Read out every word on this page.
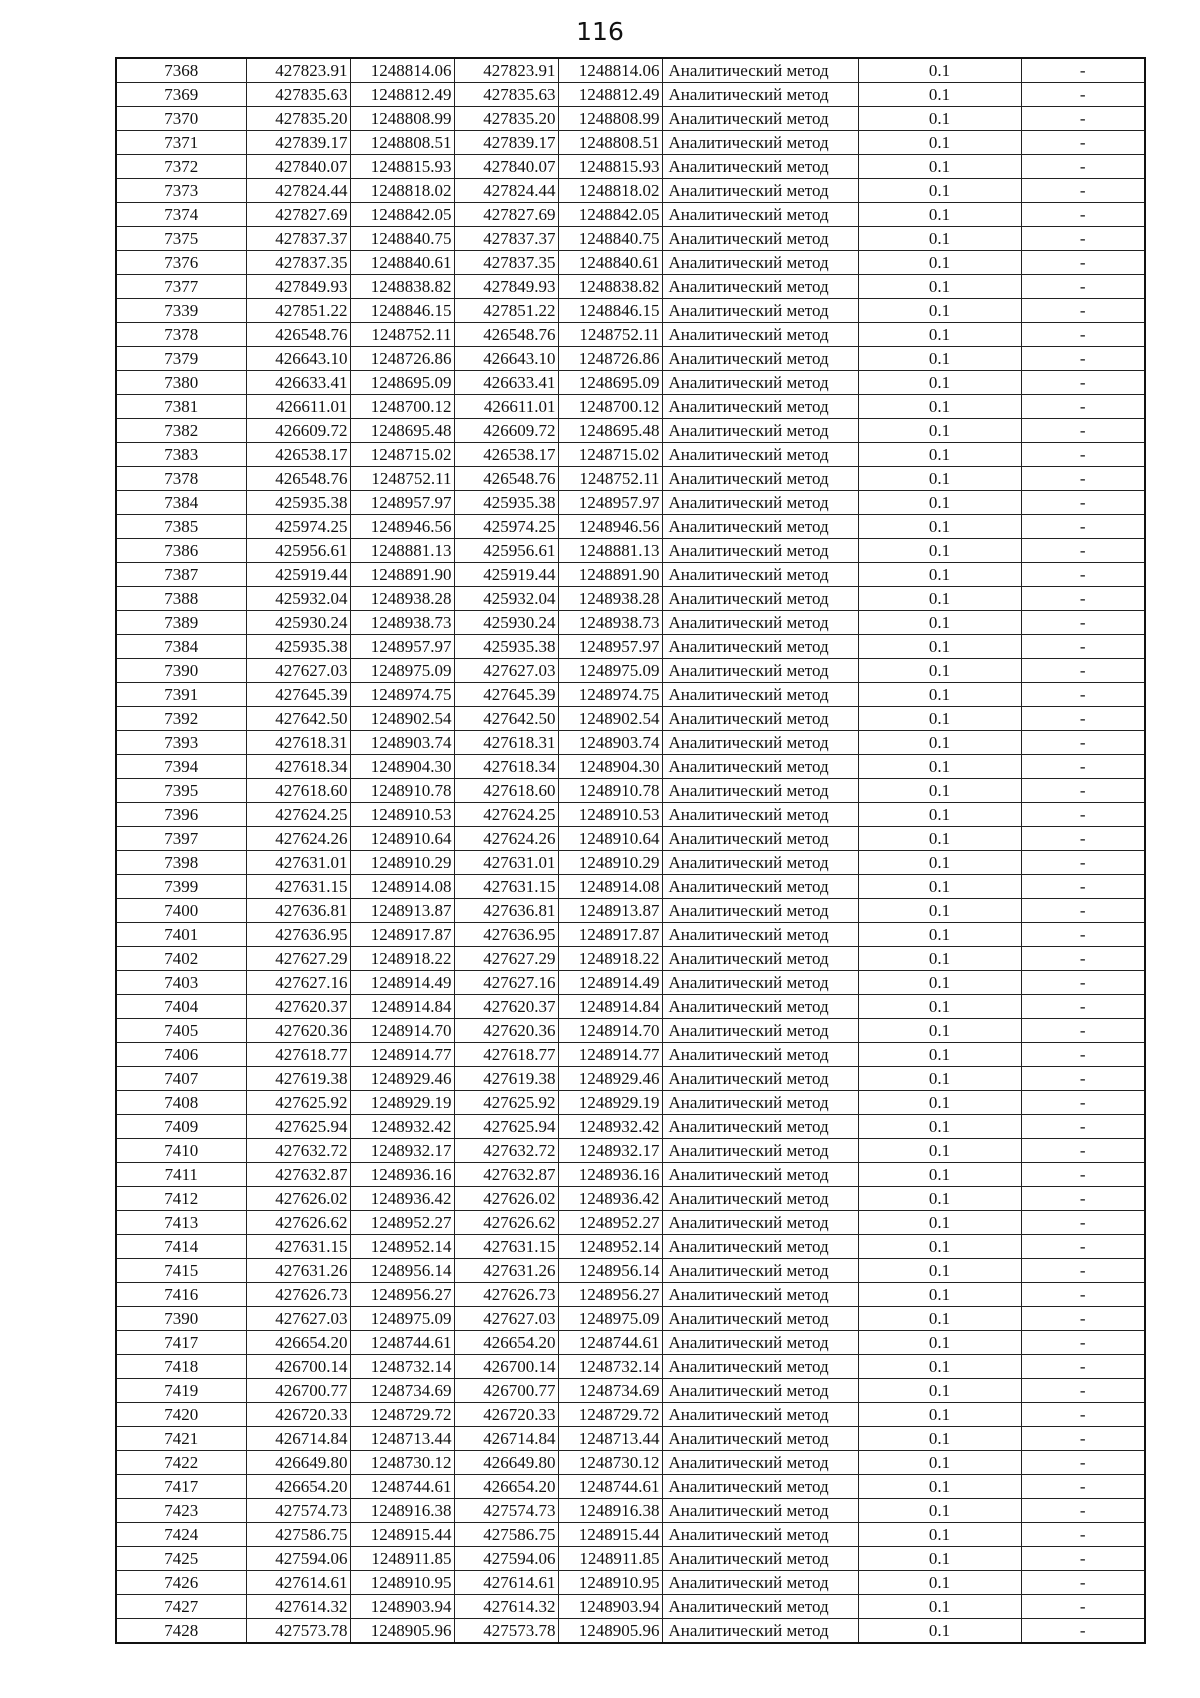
116
7368	427823.91	1248814.06	427823.91	1248814.06	Аналитический метод	0.1	-
7369	427835.63	1248812.49	427835.63	1248812.49	Аналитический метод	0.1	-
7370	427835.20	1248808.99	427835.20	1248808.99	Аналитический метод	0.1	-
7371	427839.17	1248808.51	427839.17	1248808.51	Аналитический метод	0.1	-
7372	427840.07	1248815.93	427840.07	1248815.93	Аналитический метод	0.1	-
7373	427824.44	1248818.02	427824.44	1248818.02	Аналитический метод	0.1	-
7374	427827.69	1248842.05	427827.69	1248842.05	Аналитический метод	0.1	-
7375	427837.37	1248840.75	427837.37	1248840.75	Аналитический метод	0.1	-
7376	427837.35	1248840.61	427837.35	1248840.61	Аналитический метод	0.1	-
7377	427849.93	1248838.82	427849.93	1248838.82	Аналитический метод	0.1	-
7339	427851.22	1248846.15	427851.22	1248846.15	Аналитический метод	0.1	-
7378	426548.76	1248752.11	426548.76	1248752.11	Аналитический метод	0.1	-
7379	426643.10	1248726.86	426643.10	1248726.86	Аналитический метод	0.1	-
7380	426633.41	1248695.09	426633.41	1248695.09	Аналитический метод	0.1	-
7381	426611.01	1248700.12	426611.01	1248700.12	Аналитический метод	0.1	-
7382	426609.72	1248695.48	426609.72	1248695.48	Аналитический метод	0.1	-
7383	426538.17	1248715.02	426538.17	1248715.02	Аналитический метод	0.1	-
7378	426548.76	1248752.11	426548.76	1248752.11	Аналитический метод	0.1	-
7384	425935.38	1248957.97	425935.38	1248957.97	Аналитический метод	0.1	-
7385	425974.25	1248946.56	425974.25	1248946.56	Аналитический метод	0.1	-
7386	425956.61	1248881.13	425956.61	1248881.13	Аналитический метод	0.1	-
7387	425919.44	1248891.90	425919.44	1248891.90	Аналитический метод	0.1	-
7388	425932.04	1248938.28	425932.04	1248938.28	Аналитический метод	0.1	-
7389	425930.24	1248938.73	425930.24	1248938.73	Аналитический метод	0.1	-
7384	425935.38	1248957.97	425935.38	1248957.97	Аналитический метод	0.1	-
7390	427627.03	1248975.09	427627.03	1248975.09	Аналитический метод	0.1	-
7391	427645.39	1248974.75	427645.39	1248974.75	Аналитический метод	0.1	-
7392	427642.50	1248902.54	427642.50	1248902.54	Аналитический метод	0.1	-
7393	427618.31	1248903.74	427618.31	1248903.74	Аналитический метод	0.1	-
7394	427618.34	1248904.30	427618.34	1248904.30	Аналитический метод	0.1	-
7395	427618.60	1248910.78	427618.60	1248910.78	Аналитический метод	0.1	-
7396	427624.25	1248910.53	427624.25	1248910.53	Аналитический метод	0.1	-
7397	427624.26	1248910.64	427624.26	1248910.64	Аналитический метод	0.1	-
7398	427631.01	1248910.29	427631.01	1248910.29	Аналитический метод	0.1	-
7399	427631.15	1248914.08	427631.15	1248914.08	Аналитический метод	0.1	-
7400	427636.81	1248913.87	427636.81	1248913.87	Аналитический метод	0.1	-
7401	427636.95	1248917.87	427636.95	1248917.87	Аналитический метод	0.1	-
7402	427627.29	1248918.22	427627.29	1248918.22	Аналитический метод	0.1	-
7403	427627.16	1248914.49	427627.16	1248914.49	Аналитический метод	0.1	-
7404	427620.37	1248914.84	427620.37	1248914.84	Аналитический метод	0.1	-
7405	427620.36	1248914.70	427620.36	1248914.70	Аналитический метод	0.1	-
7406	427618.77	1248914.77	427618.77	1248914.77	Аналитический метод	0.1	-
7407	427619.38	1248929.46	427619.38	1248929.46	Аналитический метод	0.1	-
7408	427625.92	1248929.19	427625.92	1248929.19	Аналитический метод	0.1	-
7409	427625.94	1248932.42	427625.94	1248932.42	Аналитический метод	0.1	-
7410	427632.72	1248932.17	427632.72	1248932.17	Аналитический метод	0.1	-
7411	427632.87	1248936.16	427632.87	1248936.16	Аналитический метод	0.1	-
7412	427626.02	1248936.42	427626.02	1248936.42	Аналитический метод	0.1	-
7413	427626.62	1248952.27	427626.62	1248952.27	Аналитический метод	0.1	-
7414	427631.15	1248952.14	427631.15	1248952.14	Аналитический метод	0.1	-
7415	427631.26	1248956.14	427631.26	1248956.14	Аналитический метод	0.1	-
7416	427626.73	1248956.27	427626.73	1248956.27	Аналитический метод	0.1	-
7390	427627.03	1248975.09	427627.03	1248975.09	Аналитический метод	0.1	-
7417	426654.20	1248744.61	426654.20	1248744.61	Аналитический метод	0.1	-
7418	426700.14	1248732.14	426700.14	1248732.14	Аналитический метод	0.1	-
7419	426700.77	1248734.69	426700.77	1248734.69	Аналитический метод	0.1	-
7420	426720.33	1248729.72	426720.33	1248729.72	Аналитический метод	0.1	-
7421	426714.84	1248713.44	426714.84	1248713.44	Аналитический метод	0.1	-
7422	426649.80	1248730.12	426649.80	1248730.12	Аналитический метод	0.1	-
7417	426654.20	1248744.61	426654.20	1248744.61	Аналитический метод	0.1	-
7423	427574.73	1248916.38	427574.73	1248916.38	Аналитический метод	0.1	-
7424	427586.75	1248915.44	427586.75	1248915.44	Аналитический метод	0.1	-
7425	427594.06	1248911.85	427594.06	1248911.85	Аналитический метод	0.1	-
7426	427614.61	1248910.95	427614.61	1248910.95	Аналитический метод	0.1	-
7427	427614.32	1248903.94	427614.32	1248903.94	Аналитический метод	0.1	-
7428	427573.78	1248905.96	427573.78	1248905.96	Аналитический метод	0.1	-
